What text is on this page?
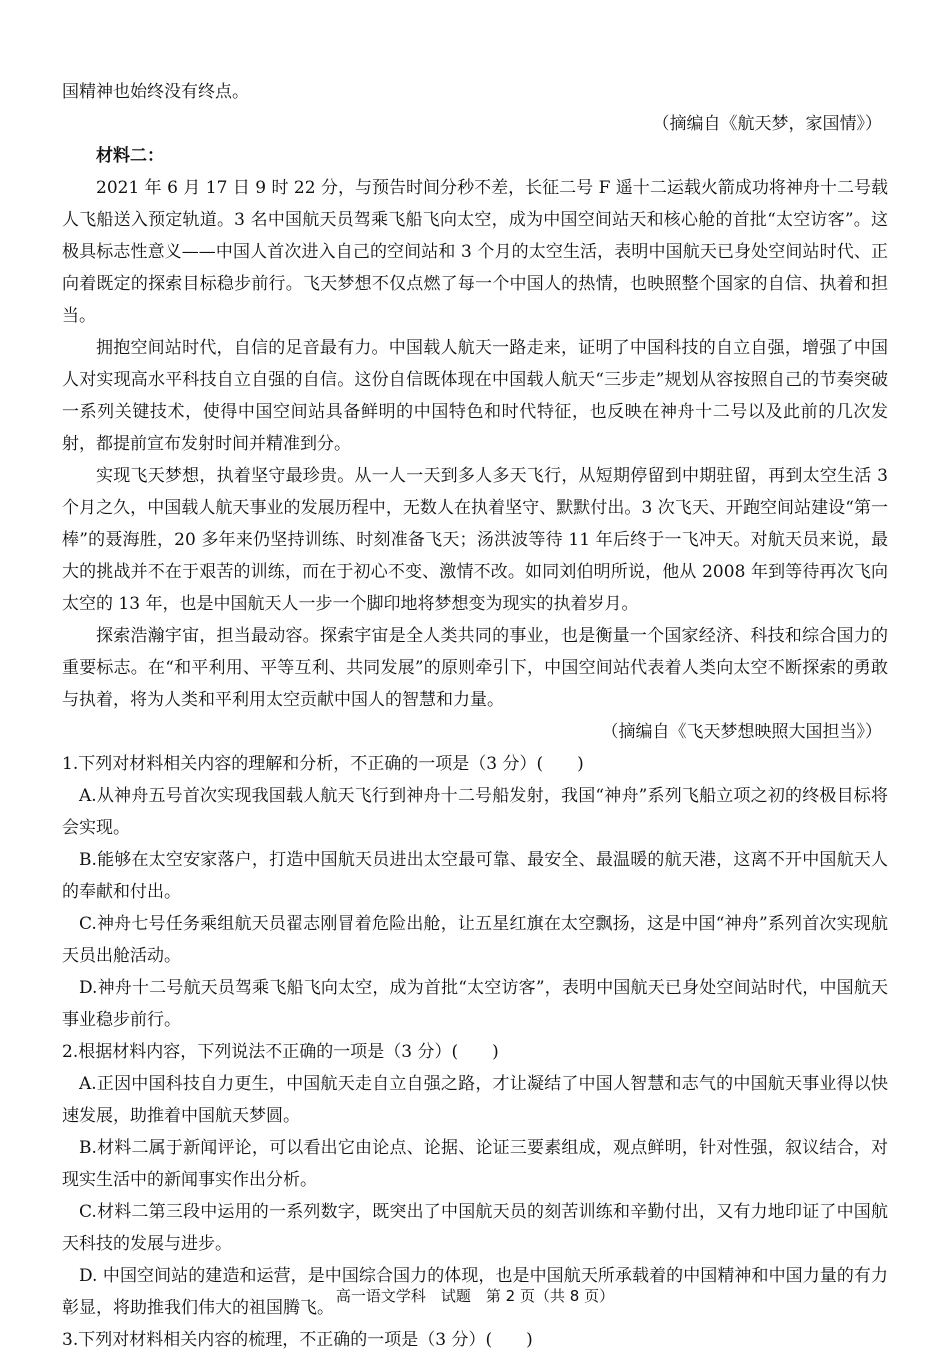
国精神也始终没有终点。

（摘编自《航天梦，家国情》）

材料二：

2021 年 6 月 17 日 9 时 22 分，与预告时间分秒不差，长征二号 F 遥十二运载火箭成功将神舟十二号载人飞船送入预定轨道。3 名中国航天员驾乘飞船飞向太空，成为中国空间站天和核心舱的首批“太空访客”。这极具标志性意义——中国人首次进入自己的空间站和 3 个月的太空生活，表明中国航天已身处空间站时代、正向着既定的探索目标稳步前行。飞天梦想不仅点燃了每一个中国人的热情，也映照整个国家的自信、执着和担当。

拥抱空间站时代，自信的足音最有力。中国载人航天一路走来，证明了中国科技的自立自强，增强了中国人对实现高水平科技自立自强的自信。这份自信既体现在中国载人航天“三步走”规划从容按照自己的节奏突破一系列关键技术，使得中国空间站具备鲜明的中国特色和时代特征，也反映在神舟十二号以及此前的几次发射，都提前宣布发射时间并精准到分。

实现飞天梦想，执着坚守最珍贵。从一人一天到多人多天飞行，从短期停留到中期驻留，再到太空生活 3 个月之久，中国载人航天事业的发展历程中，无数人在执着坚守、默默付出。3 次飞天、开跑空间站建设“第一棒”的聂海胜，20 多年来仍坚持训练、时刻准备飞天；汤洪波等待 11 年后终于一飞冲天。对航天员来说，最大的挑战并不在于艰苦的训练，而在于初心不变、激情不改。如同刘伯明所说，他从 2008 年到等待再次飞向太空的 13 年，也是中国航天人一步一个脚印地将梦想变为现实的执着岁月。

探索浩瀚宇宙，担当最动容。探索宇宙是全人类共同的事业，也是衡量一个国家经济、科技和综合国力的重要标志。在“和平利用、平等互利、共同发展”的原则牵引下，中国空间站代表着人类向太空不断探索的勇敢与执着，将为人类和平利用太空贡献中国人的智慧和力量。

（摘编自《飞天梦想映照大国担当》）

1.下列对材料相关内容的理解和分析，不正确的一项是（3 分）(　　)

A.从神舟五号首次实现我国载人航天飞行到神舟十二号船发射，我国“神舟”系列飞船立项之初的终极目标将会实现。

B.能够在太空安家落户，打造中国航天员进出太空最可靠、最安全、最温暖的航天港，这离不开中国航天人的奉献和付出。

C.神舟七号任务乘组航天员翟志刚冒着危险出舱，让五星红旗在太空飘扬，这是中国“神舟”系列首次实现航天员出舱活动。

D.神舟十二号航天员驾乘飞船飞向太空，成为首批“太空访客”，表明中国航天已身处空间站时代，中国航天事业稳步前行。

2.根据材料内容，下列说法不正确的一项是（3 分）(　　)

A.正因中国科技自力更生，中国航天走自立自强之路，才让凝结了中国人智慧和志气的中国航天事业得以快速发展，助推着中国航天梦圆。

B.材料二属于新闻评论，可以看出它由论点、论据、论证三要素组成，观点鲜明，针对性强，叙议结合，对现实生活中的新闻事实作出分析。

C.材料二第三段中运用的一系列数字，既突出了中国航天员的刻苦训练和辛勤付出，又有力地印证了中国航天科技的发展与进步。

D. 中国空间站的建造和运营，是中国综合国力的体现，也是中国航天所承载着的中国精神和中国力量的有力彰显，将助推我们伟大的祖国腾飞。

3.下列对材料相关内容的梳理，不正确的一项是（3 分）(　　)

高一语文学科　试题　第 2 页（共 8 页）
